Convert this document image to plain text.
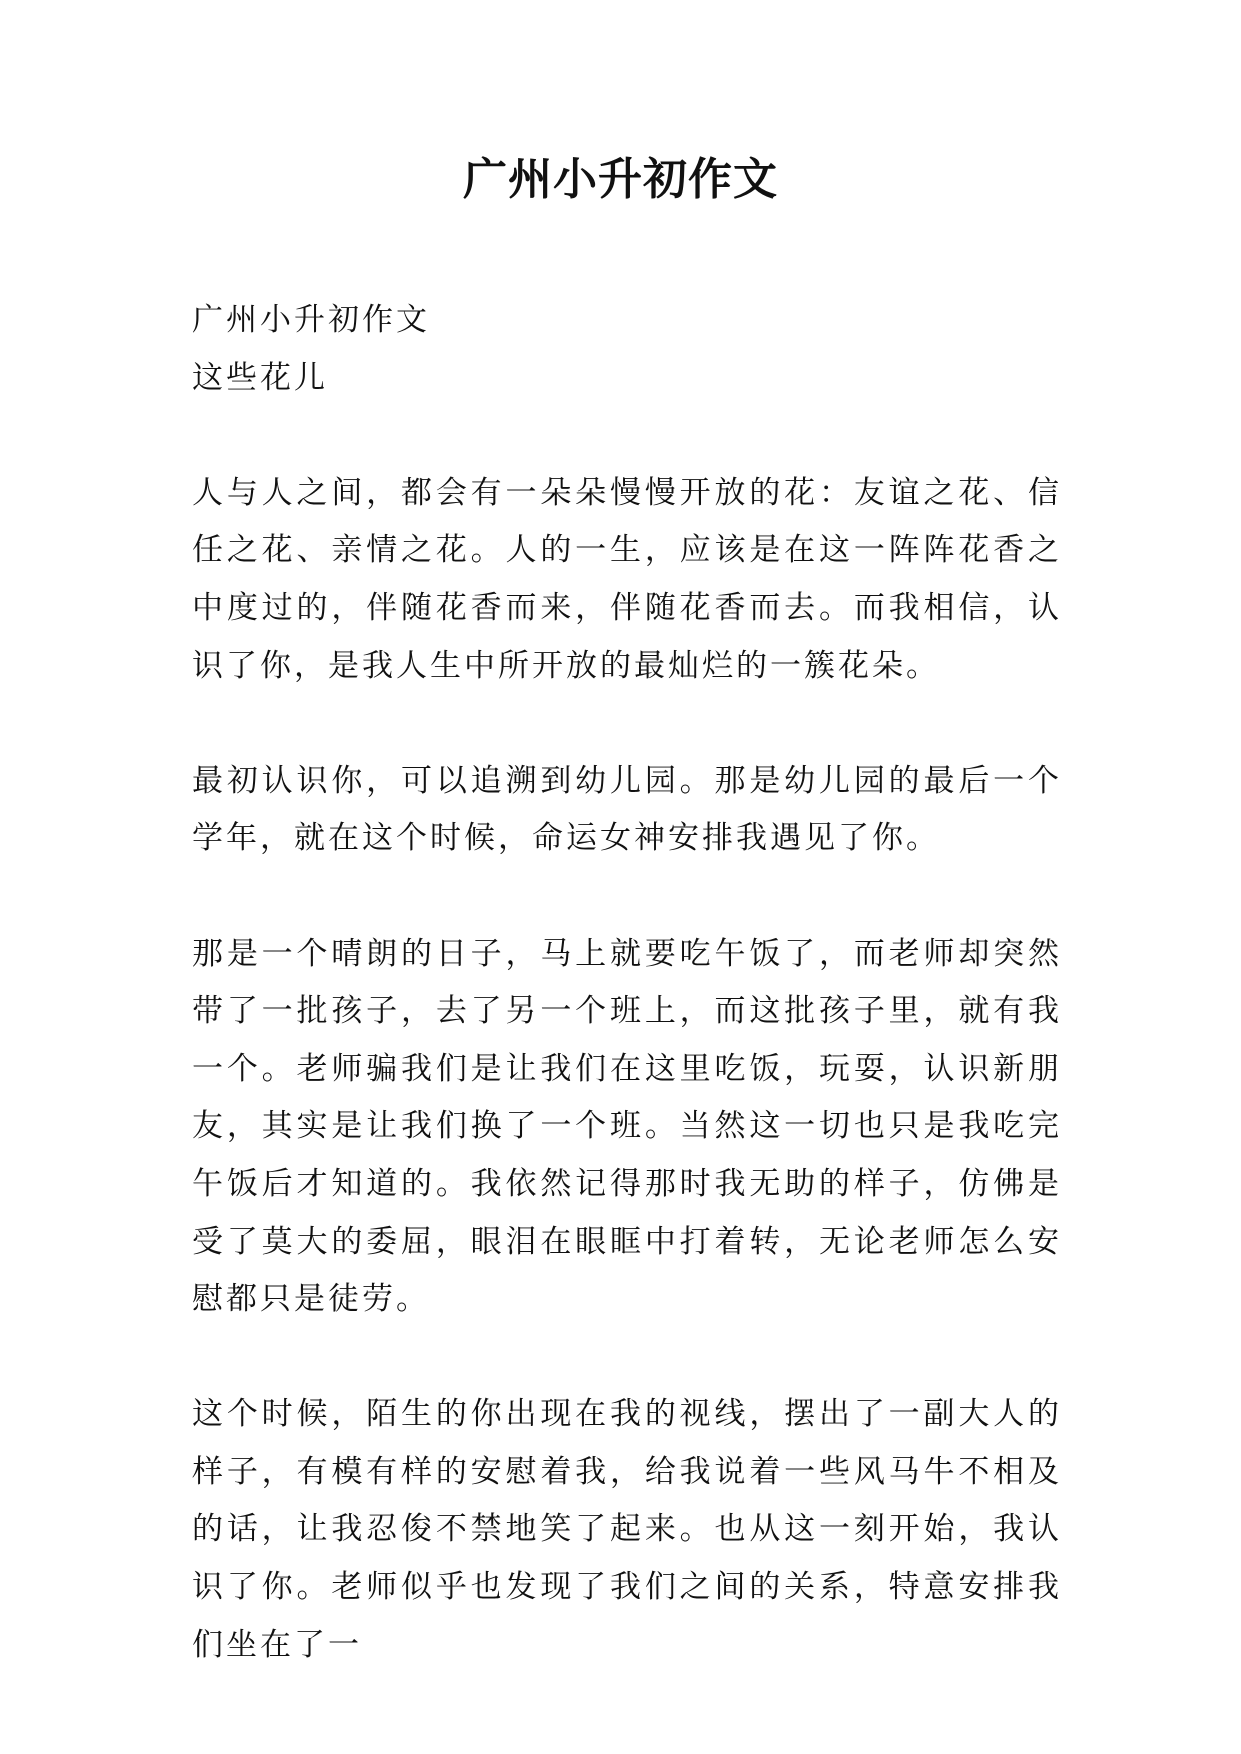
广州小升初作文

广州小升初作文

这些花儿

人与人之间，都会有一朵朵慢慢开放的花：友谊之花、信任之花、亲情之花。人的一生，应该是在这一阵阵花香之中度过的，伴随花香而来，伴随花香而去。而我相信，认识了你，是我人生中所开放的最灿烂的一簇花朵。

最初认识你，可以追溯到幼儿园。那是幼儿园的最后一个学年，就在这个时候，命运女神安排我遇见了你。

那是一个晴朗的日子，马上就要吃午饭了，而老师却突然带了一批孩子，去了另一个班上，而这批孩子里，就有我一个。老师骗我们是让我们在这里吃饭，玩耍，认识新朋友，其实是让我们换了一个班。当然这一切也只是我吃完午饭后才知道的。我依然记得那时我无助的样子，仿佛是受了莫大的委屈，眼泪在眼眶中打着转，无论老师怎么安慰都只是徒劳。

这个时候，陌生的你出现在我的视线，摆出了一副大人的样子，有模有样的安慰着我，给我说着一些风马牛不相及的话，让我忍俊不禁地笑了起来。也从这一刻开始，我认识了你。老师似乎也发现了我们之间的关系，特意安排我们坐在了一
